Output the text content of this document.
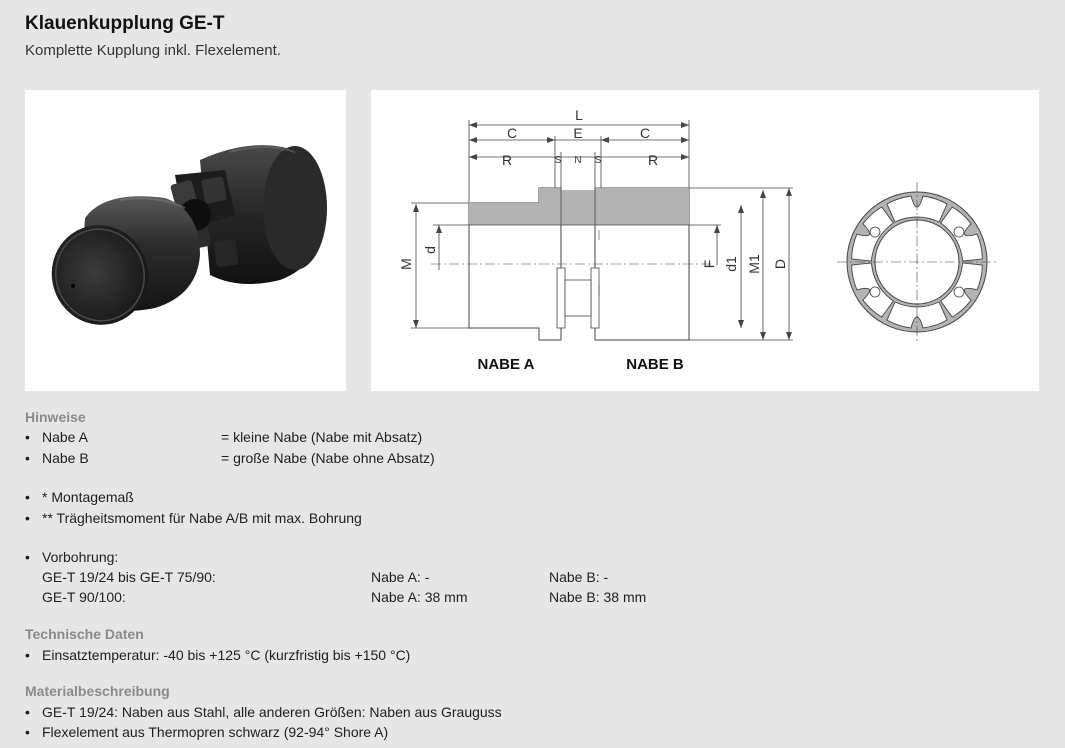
Klauenkupplung GE-T
Komplette Kupplung inkl. Flexelement.
L
C	E	C
R	S N S	R
M
d
F d1 M1 D
NABE A	NABE B
Hinweise
• Nabe A	= kleine Nabe (Nabe mit Absatz)
• Nabe B	= große Nabe (Nabe ohne Absatz)
• * Montagemaß
• ** Trägheitsmoment für Nabe A/B mit max. Bohrung
• Vorbohrung:
GE-T 19/24 bis GE-T 75/90:	Nabe A: -	Nabe B: -
GE-T 90/100:	Nabe A: 38 mm	Nabe B: 38 mm
Technische Daten
• Einsatztemperatur: -40 bis +125 °C (kurzfristig bis +150 °C)
Materialbeschreibung
• GE-T 19/24: Naben aus Stahl, alle anderen Größen: Naben aus Grauguss
• Flexelement aus Thermopren schwarz (92-94° Shore A)
